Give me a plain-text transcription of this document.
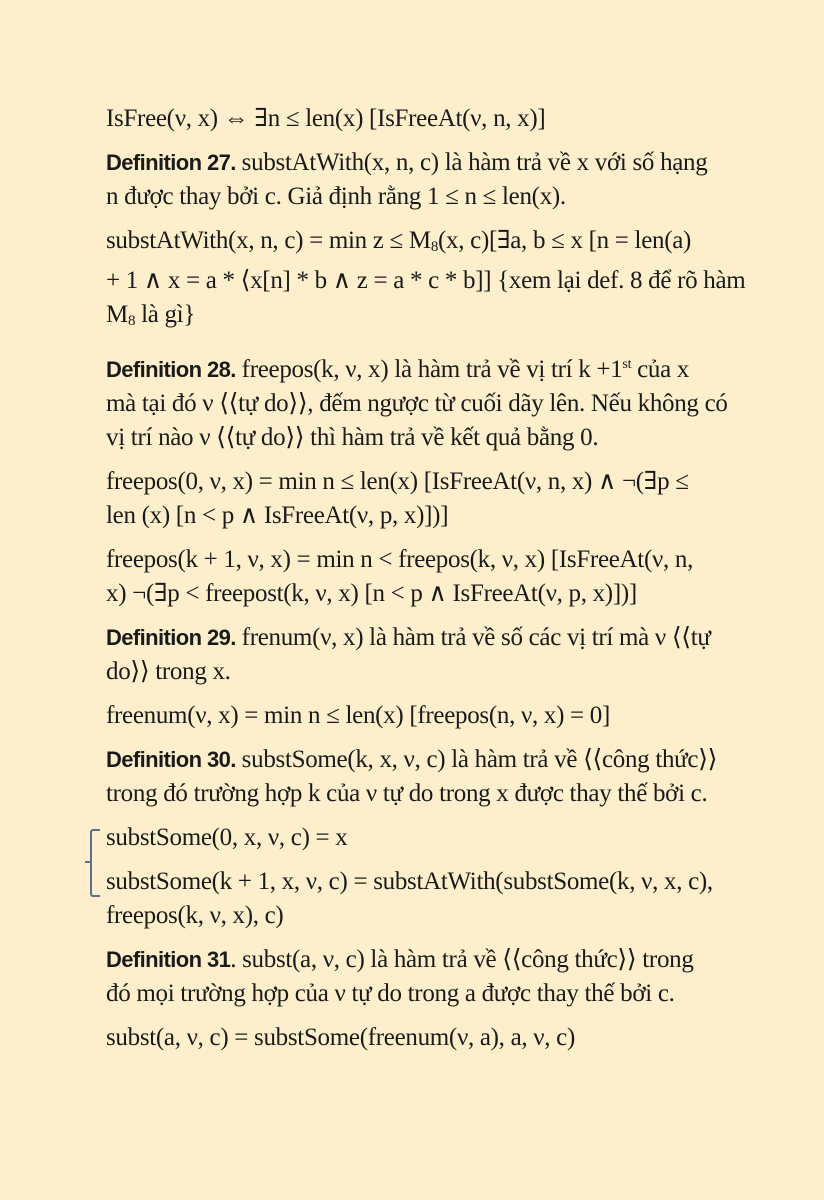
IsFree(ν, x) ⇔ ∃n ≤ len(x) [IsFreeAt(ν, n, x)]
Definition 27. substAtWith(x, n, c) là hàm trả về x với số hạng
n được thay bởi c. Giả định rằng 1 ≤ n ≤ len(x).
substAtWith(x, n, $c) = \min z \le M_8(x$, c)[∃a, b ≤ x [n = len(a)
+ 1 ∧ x = a * ⟨x[n] * b ∧ z = a * c * b]] {xem lại def. 8 để rõ hàm
$M_8$ là gì}
Definition 28. freepos(k, ν, x) là hàm trả về vị trí k +1st của x
mà tại đó ν ⟨⟨tự do⟩⟩, đếm ngược từ cuối dãy lên. Nếu không có
vị trí nào ν ⟨⟨tự do⟩⟩ thì hàm trả về kết quả bằng 0.
freepos(0, ν, x) = min n ≤ len(x) [IsFreeAt(ν, n, x) ∧ ¬(∃p ≤
len (x) [n < p ∧ IsFreeAt(ν, p, x)])]
freepos(k + 1, ν, x) = min n < freepos(k, ν, x) [IsFreeAt(ν, n,
x) ¬(∃p < freepost(k, ν, x) [n < p ∧ IsFreeAt(ν, p, x)])]
Definition 29. frenum(ν, x) là hàm trả về số các vị trí mà ν ⟨⟨tự
do⟩⟩ trong x.
freenum(ν, x) = min n ≤ len(x) [freepos(n, ν, x) = 0]
Definition 30. substSome(k, x, ν, c) là hàm trả về ⟨⟨công thức⟩⟩
trong đó trường hợp k của ν tự do trong x được thay thế bởi c.
substSome(0, x, ν, c) = x
substSome(k + 1, x, ν, c) = substAtWith(substSome(k, ν, x, c),
freepos(k, ν, x), c)
Definition 31. subst(a, ν, c) là hàm trả về ⟨⟨công thức⟩⟩ trong
đó mọi trường hợp của ν tự do trong a được thay thế bởi c.
subst(a, ν, c) = substSome(freenum(ν, a), a, ν, c)
